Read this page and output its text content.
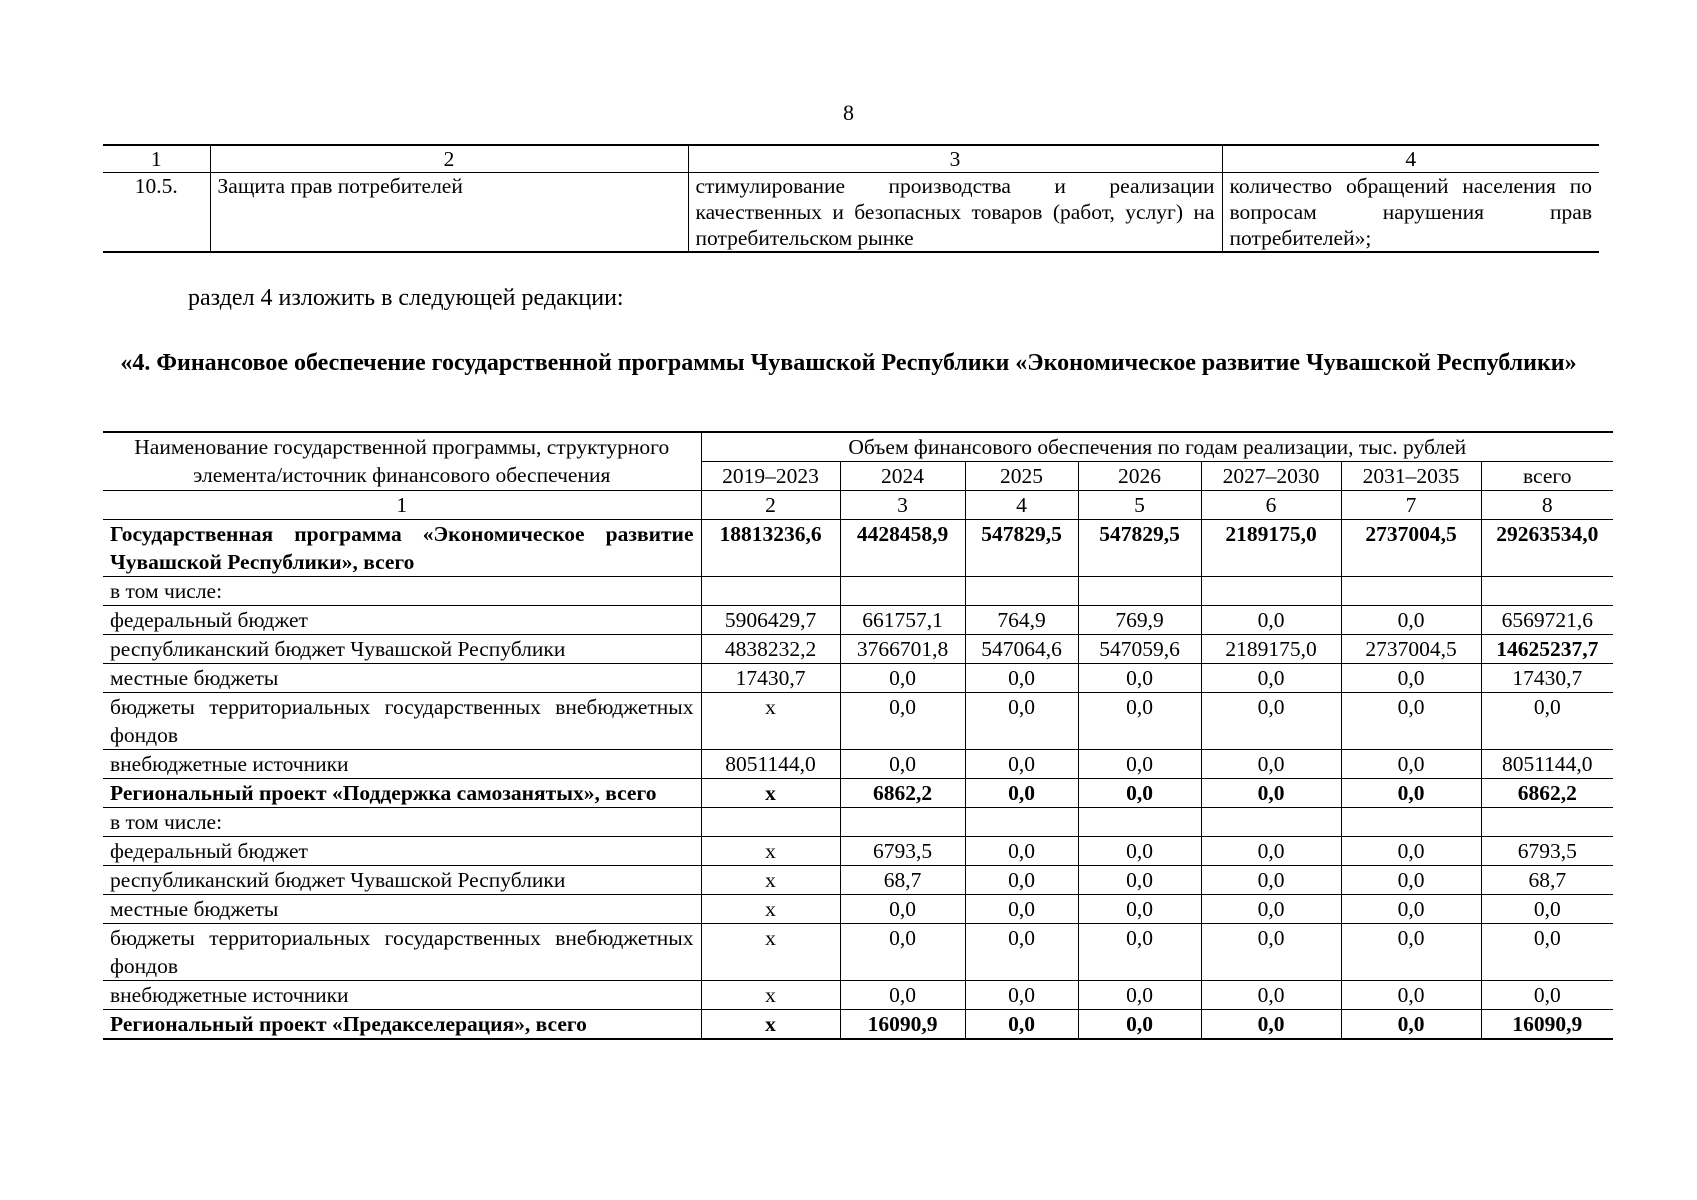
8
1	2	3	4
10.5.	Защита прав потребителей	стимулирование производства и реализации качественных и безопасных товаров (работ, услуг) на потребительском рынке	количество обращений населения по вопросам нарушения прав потребителей»;
раздел 4 изложить в следующей редакции:
«4. Финансовое обеспечение государственной программы Чувашской Республики «Экономическое развитие Чувашской Республики»
Наименование государственной программы, структурного элемента/источник финансового обеспечения	Объем финансового обеспечения по годам реализации, тыс. рублей						
	2019–2023	2024	2025	2026	2027–2030	2031–2035	всего
1	2	3	4	5	6	7	8
Государственная программа «Экономическое развитие Чувашской Республики», всего	18813236,6	4428458,9	547829,5	547829,5	2189175,0	2737004,5	29263534,0
в том числе:							
федеральный бюджет	5906429,7	661757,1	764,9	769,9	0,0	0,0	6569721,6
республиканский бюджет Чувашской Республики	4838232,2	3766701,8	547064,6	547059,6	2189175,0	2737004,5	14625237,7
местные бюджеты	17430,7	0,0	0,0	0,0	0,0	0,0	17430,7
бюджеты территориальных государственных внебюджетных фондов	х	0,0	0,0	0,0	0,0	0,0	0,0
внебюджетные источники	8051144,0	0,0	0,0	0,0	0,0	0,0	8051144,0
Региональный проект «Поддержка самозанятых», всего	х	6862,2	0,0	0,0	0,0	0,0	6862,2
в том числе:							
федеральный бюджет	х	6793,5	0,0	0,0	0,0	0,0	6793,5
республиканский бюджет Чувашской Республики	х	68,7	0,0	0,0	0,0	0,0	68,7
местные бюджеты	х	0,0	0,0	0,0	0,0	0,0	0,0
бюджеты территориальных государственных внебюджетных фондов	х	0,0	0,0	0,0	0,0	0,0	0,0
внебюджетные источники	х	0,0	0,0	0,0	0,0	0,0	0,0
Региональный проект «Предакселерация», всего	х	16090,9	0,0	0,0	0,0	0,0	16090,9
